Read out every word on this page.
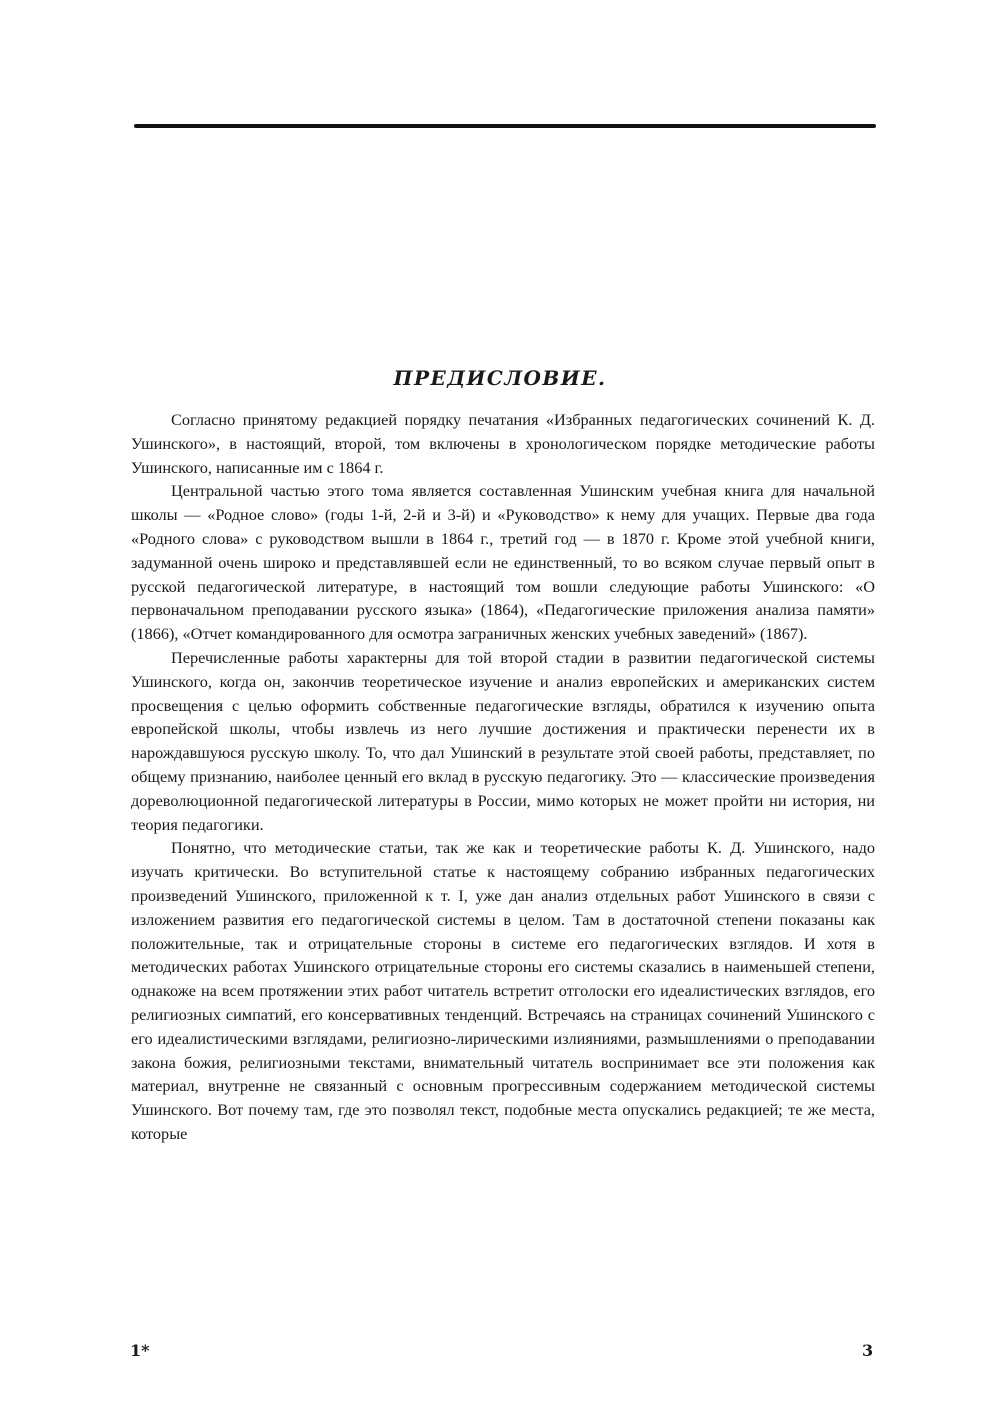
ПРЕДИСЛОВИЕ.

Согласно принятому редакцией порядку печатания «Избранных педагогических сочинений К. Д. Ушинского», в настоящий, второй, том включены в хронологическом порядке методические работы Ушинского, написанные им с 1864 г.

Центральной частью этого тома является составленная Ушинским учебная книга для начальной школы — «Родное слово» (годы 1-й, 2-й и 3-й) и «Руководство» к нему для учащих. Первые два года «Родного слова» с руководством вышли в 1864 г., третий год — в 1870 г. Кроме этой учебной книги, задуманной очень широко и представлявшей если не единственный, то во всяком случае первый опыт в русской педагогической литературе, в настоящий том вошли следующие работы Ушинского: «О первоначальном преподавании русского языка» (1864), «Педагогические приложения анализа памяти» (1866), «Отчет командированного для осмотра заграничных женских учебных заведений» (1867).

Перечисленные работы характерны для той второй стадии в развитии педагогической системы Ушинского, когда он, закончив теоретическое изучение и анализ европейских и американских систем просвещения с целью оформить собственные педагогические взгляды, обратился к изучению опыта европейской школы, чтобы извлечь из него лучшие достижения и практически перенести их в нарождавшуюся русскую школу. То, что дал Ушинский в результате этой своей работы, представляет, по общему признанию, наиболее ценный его вклад в русскую педагогику. Это — классические произведения дореволюционной педагогической литературы в России, мимо которых не может пройти ни история, ни теория педагогики.

Понятно, что методические статьи, так же как и теоретические работы К. Д. Ушинского, надо изучать критически. Во вступительной статье к настоящему собранию избранных педагогических произведений Ушинского, приложенной к т. I, уже дан анализ отдельных работ Ушинского в связи с изложением развития его педагогической системы в целом. Там в достаточной степени показаны как положительные, так и отрицательные стороны в системе его педагогических взглядов. И хотя в методических работах Ушинского отрицательные стороны его системы сказались в наименьшей степени, однакоже на всем протяжении этих работ читатель встретит отголоски его идеалистических взглядов, его религиозных симпатий, его консервативных тенденций. Встречаясь на страницах сочинений Ушинского с его идеалистическими взглядами, религиозно-лирическими излияниями, размышлениями о преподавании закона божия, религиозными текстами, внимательный читатель воспринимает все эти положения как материал, внутренне не связанный с основным прогрессивным содержанием методической системы Ушинского. Вот почему там, где это позволял текст, подобные места опускались редакцией; те же места, которые

1*	3
